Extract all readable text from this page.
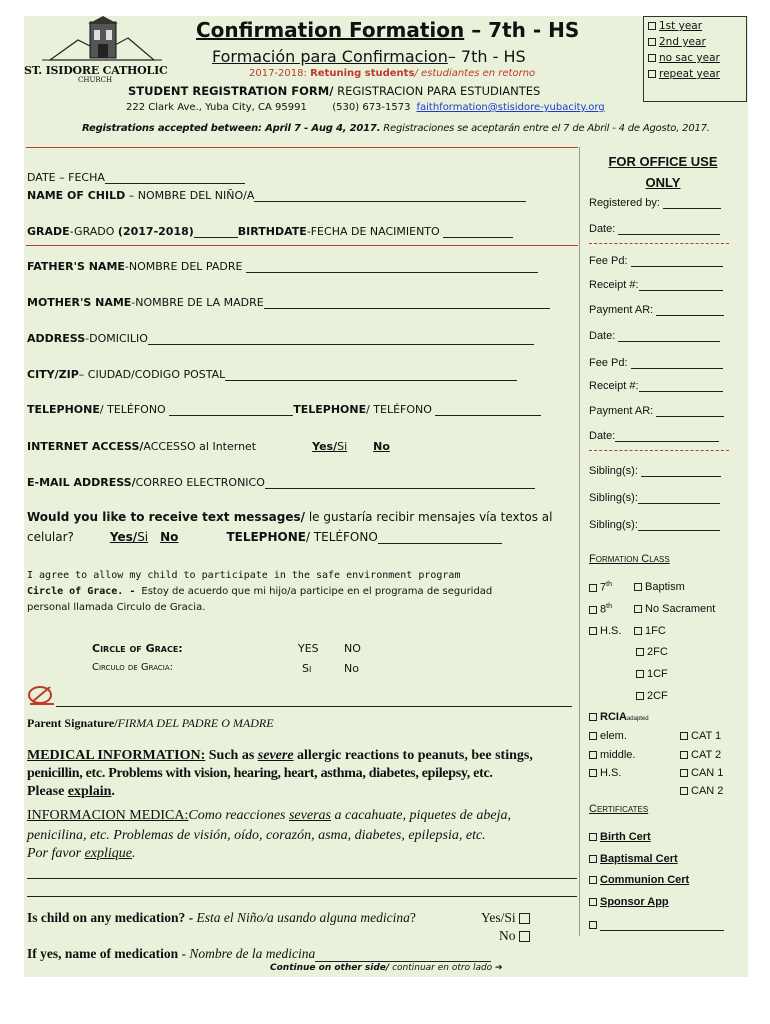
ST. ISIDORE CATHOLIC
CHURCH
Confirmation Formation – 7th - HS
Formación para Confirmacion– 7th - HS
2017-2018: Retuning students/ estudiantes en retorno
STUDENT REGISTRATION FORM/ REGISTRACION PARA ESTUDIANTES
222 Clark Ave., Yuba City, CA 95991	(530) 673-1573 faithformation@stisidore-yubacity.org
Registrations accepted between: April 7 - Aug 4, 2017. Registraciones se aceptarán entre el 7 de Abril - 4 de Agosto, 2017.
1st year
2nd year
no sac year
repeat year
DATE – FECHA
NAME OF CHILD – NOMBRE DEL NIÑO/A
GRADE-GRADO (2017-2018)	BIRTHDATE-FECHA DE NACIMIENTO
FATHER'S NAME-NOMBRE DEL PADRE
MOTHER'S NAME-NOMBRE DE LA MADRE
ADDRESS-DOMICILIO
CITY/ZIP– CIUDAD/CODIGO POSTAL
TELEPHONE/ TELÉFONO	TELEPHONE/ TELÉFONO
INTERNET ACCESS/ACCESSO al Internet	Yes/Si No
E-MAIL ADDRESS/CORREO ELECTRONICO
Would you like to receive text messages/ le gustaría recibir mensajes vía textos al
celular?	Yes/Si No	TELEPHONE/ TELÉFONO
I agree to allow my child to participate in the safe environment program
Circle of Grace. - Estoy de acuerdo que mi hijo/a participe en el programa de seguridad
personal llamada Circulo de Gracia.
Circle of Grace:	YES NO
Circulo de Gracia:	Si	No
Parent Signature/FIRMA DEL PADRE O MADRE
MEDICAL INFORMATION: Such as severe allergic reactions to peanuts, bee stings,
penicillin, etc. Problems with vision, hearing, heart, asthma, diabetes, epilepsy, etc.
Please explain.
INFORMACION MEDICA:Como reacciones severas a cacahuate, piquetes de abeja,
penicilina, etc. Problemas de visión, oído, corazón, asma, diabetes, epilepsia, etc.
Por favor explique.
Is child on any medication? - Esta el Niño/a usando alguna medicina?	Yes/Si
No
If yes, name of medication - Nombre de la medicina
Continue on other side/ continuar en otro lado ➔
FOR OFFICE USE
ONLY
Registered by:
Date:
Fee Pd:
Receipt #:
Payment AR:
Date:
Fee Pd:
Receipt #:
Payment AR:
Date:
Sibling(s):
Sibling(s):
Sibling(s):
Formation Class
7th	Baptism
8th	No Sacrament
H.S.	1FC
2FC
1CF
2CF
RCIAadapted
elem.	CAT 1
middle.	CAT 2
H.S.	CAN 1
CAN 2
Certificates
Birth Cert
Baptismal Cert
Communion Cert
Sponsor App
